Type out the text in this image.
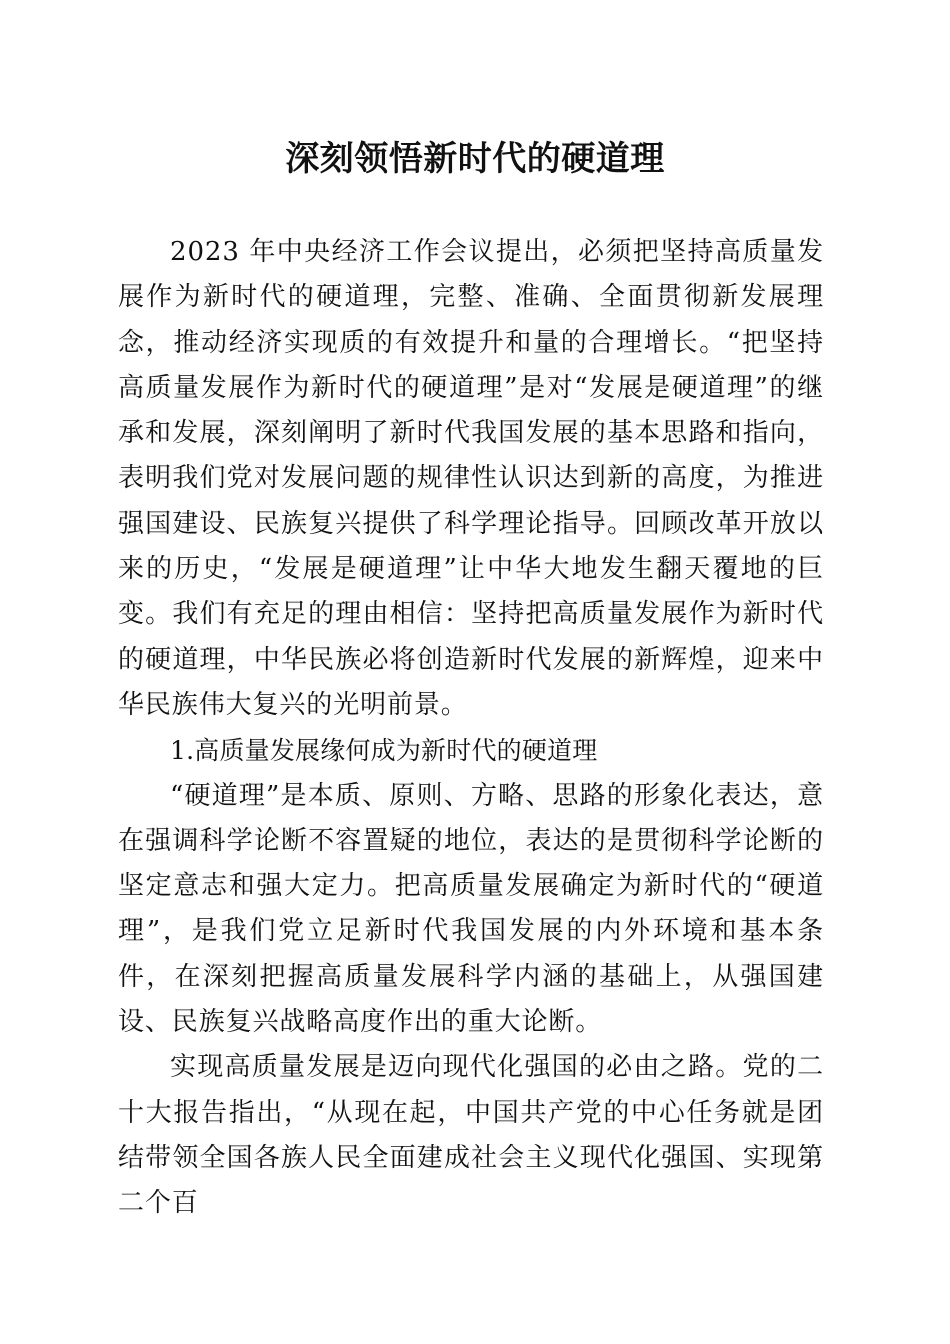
深刻领悟新时代的硬道理

2023 年中央经济工作会议提出，必须把坚持高质量发展作为新时代的硬道理，完整、准确、全面贯彻新发展理念，推动经济实现质的有效提升和量的合理增长。“把坚持高质量发展作为新时代的硬道理”是对“发展是硬道理”的继承和发展，深刻阐明了新时代我国发展的基本思路和指向，表明我们党对发展问题的规律性认识达到新的高度，为推进强国建设、民族复兴提供了科学理论指导。回顾改革开放以来的历史，“发展是硬道理”让中华大地发生翻天覆地的巨变。我们有充足的理由相信：坚持把高质量发展作为新时代的硬道理，中华民族必将创造新时代发展的新辉煌，迎来中华民族伟大复兴的光明前景。

1.高质量发展缘何成为新时代的硬道理

“硬道理”是本质、原则、方略、思路的形象化表达，意在强调科学论断不容置疑的地位，表达的是贯彻科学论断的坚定意志和强大定力。把高质量发展确定为新时代的“硬道理”，是我们党立足新时代我国发展的内外环境和基本条件，在深刻把握高质量发展科学内涵的基础上，从强国建设、民族复兴战略高度作出的重大论断。

实现高质量发展是迈向现代化强国的必由之路。党的二十大报告指出，“从现在起，中国共产党的中心任务就是团结带领全国各族人民全面建成社会主义现代化强国、实现第二个百
